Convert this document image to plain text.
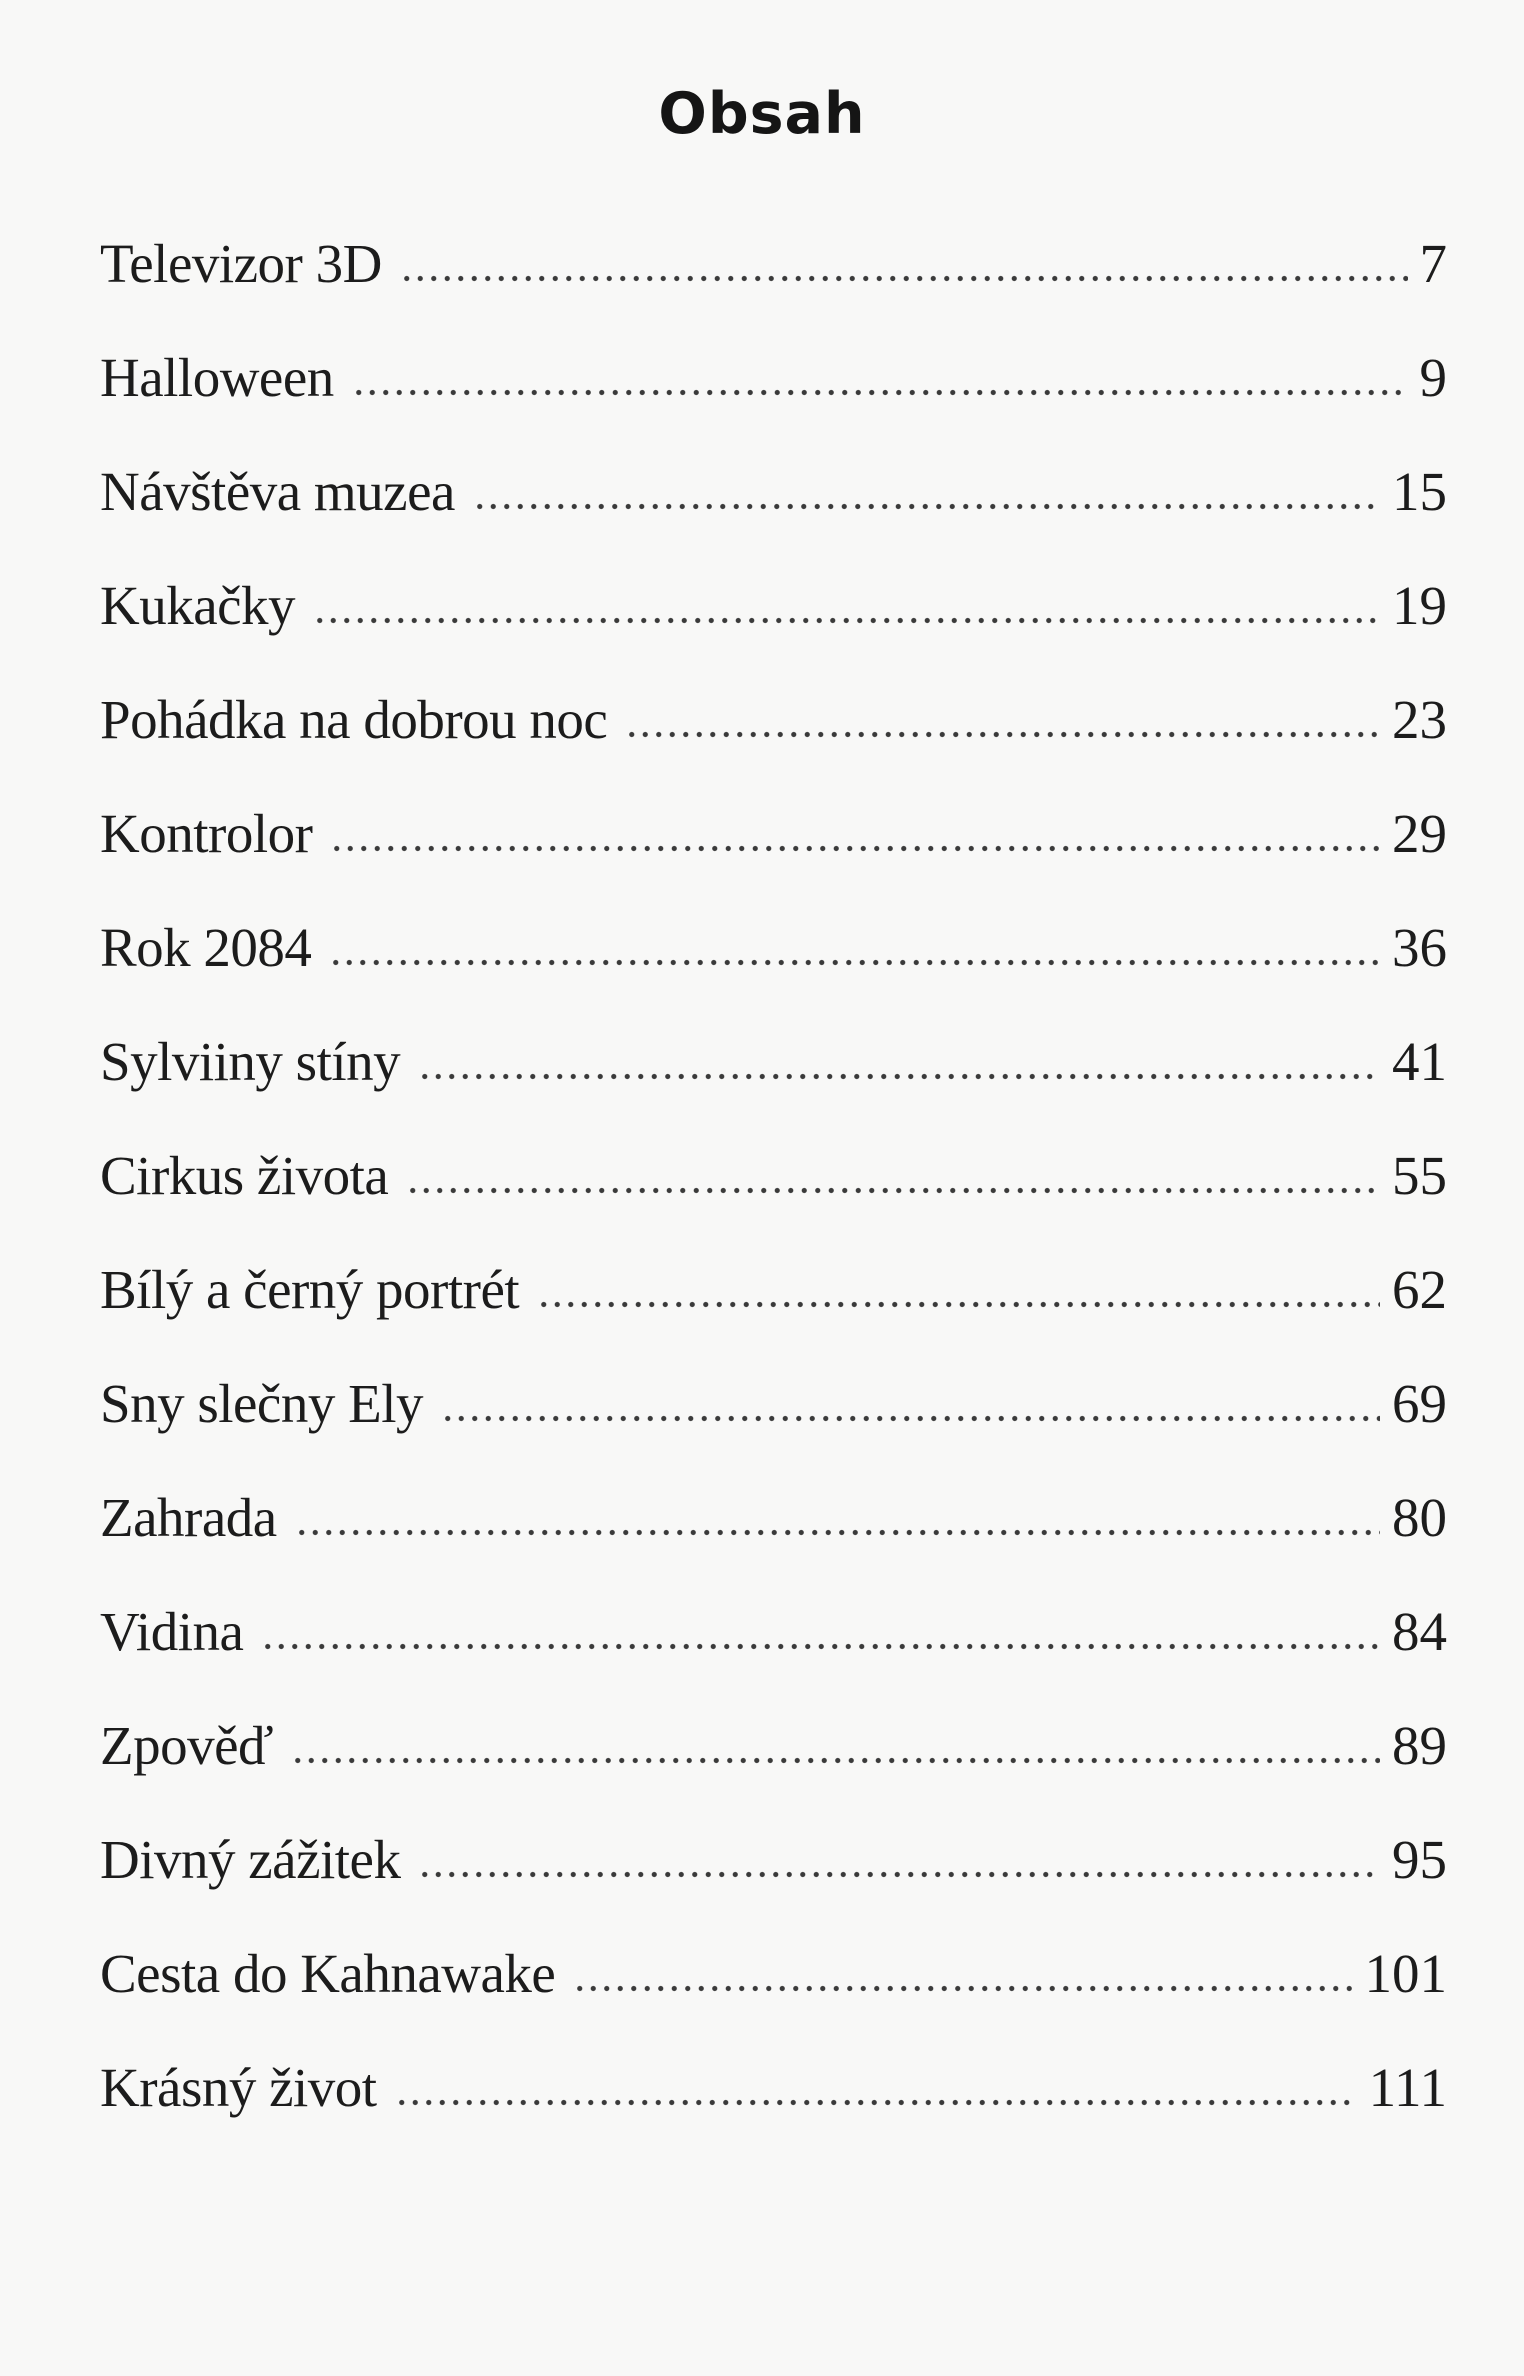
Obsah
Televizor 3D	7
Halloween	9
Návštěva muzea	15
Kukačky	19
Pohádka na dobrou noc	23
Kontrolor	29
Rok 2084	36
Sylviiny stíny	41
Cirkus života	55
Bílý a černý portrét	62
Sny slečny Ely	69
Zahrada	80
Vidina	84
Zpověď	89
Divný zážitek	95
Cesta do Kahnawake	101
Krásný život	111
